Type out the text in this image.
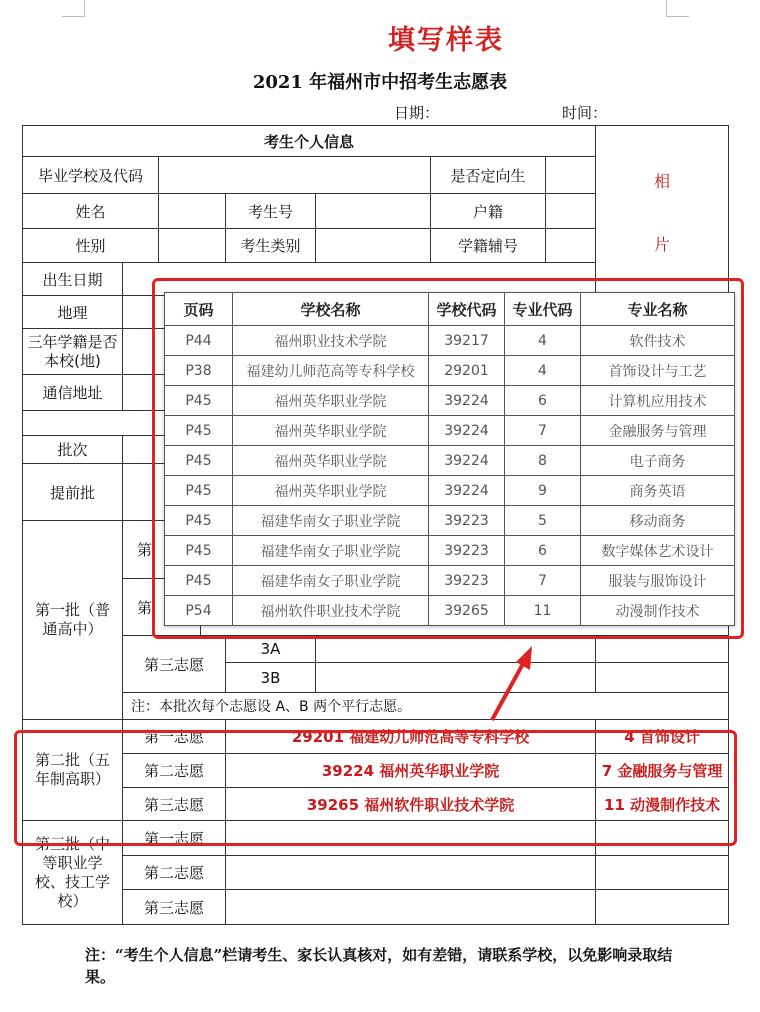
填写样表
2021 年福州市中招考生志愿表
日期：	时间：
考生个人信息								相
片

毕业学校及代码						是否定向生		
姓名				考生号		户籍		
性别				考生类别		学籍辅号		
出生日期								
地理								
三年学籍是否本校(地)								
通信地址								

批次								
提前批								
第一批（普通高中）	第							
	第							
	第三志愿			3A				
				3B				
	注：本批次每个志愿设 A、B 两个平行志愿。							
第二批（五年制高职）	第一志愿			29201 福建幼儿师范高等专科学校				4 首饰设计
	第二志愿			39224 福州英华职业学院				7 金融服务与管理
	第三志愿			39265 福州软件职业技术学院				11 动漫制作技术
第三批（中等职业学校、技工学校）	第一志愿							
	第二志愿							
	第三志愿							
页码	学校名称	学校代码	专业代码	专业名称
P44	福州职业技术学院	39217	4	软件技术
P38	福建幼儿师范高等专科学校	29201	4	首饰设计与工艺
P45	福州英华职业学院	39224	6	计算机应用技术
P45	福州英华职业学院	39224	7	金融服务与管理
P45	福州英华职业学院	39224	8	电子商务
P45	福州英华职业学院	39224	9	商务英语
P45	福建华南女子职业学院	39223	5	移动商务
P45	福建华南女子职业学院	39223	6	数字媒体艺术设计
P45	福建华南女子职业学院	39223	7	服装与服饰设计
P54	福州软件职业技术学院	39265	11	动漫制作技术
注：“考生个人信息”栏请考生、家长认真核对，如有差错，请联系学校，以免影响录取结果。
